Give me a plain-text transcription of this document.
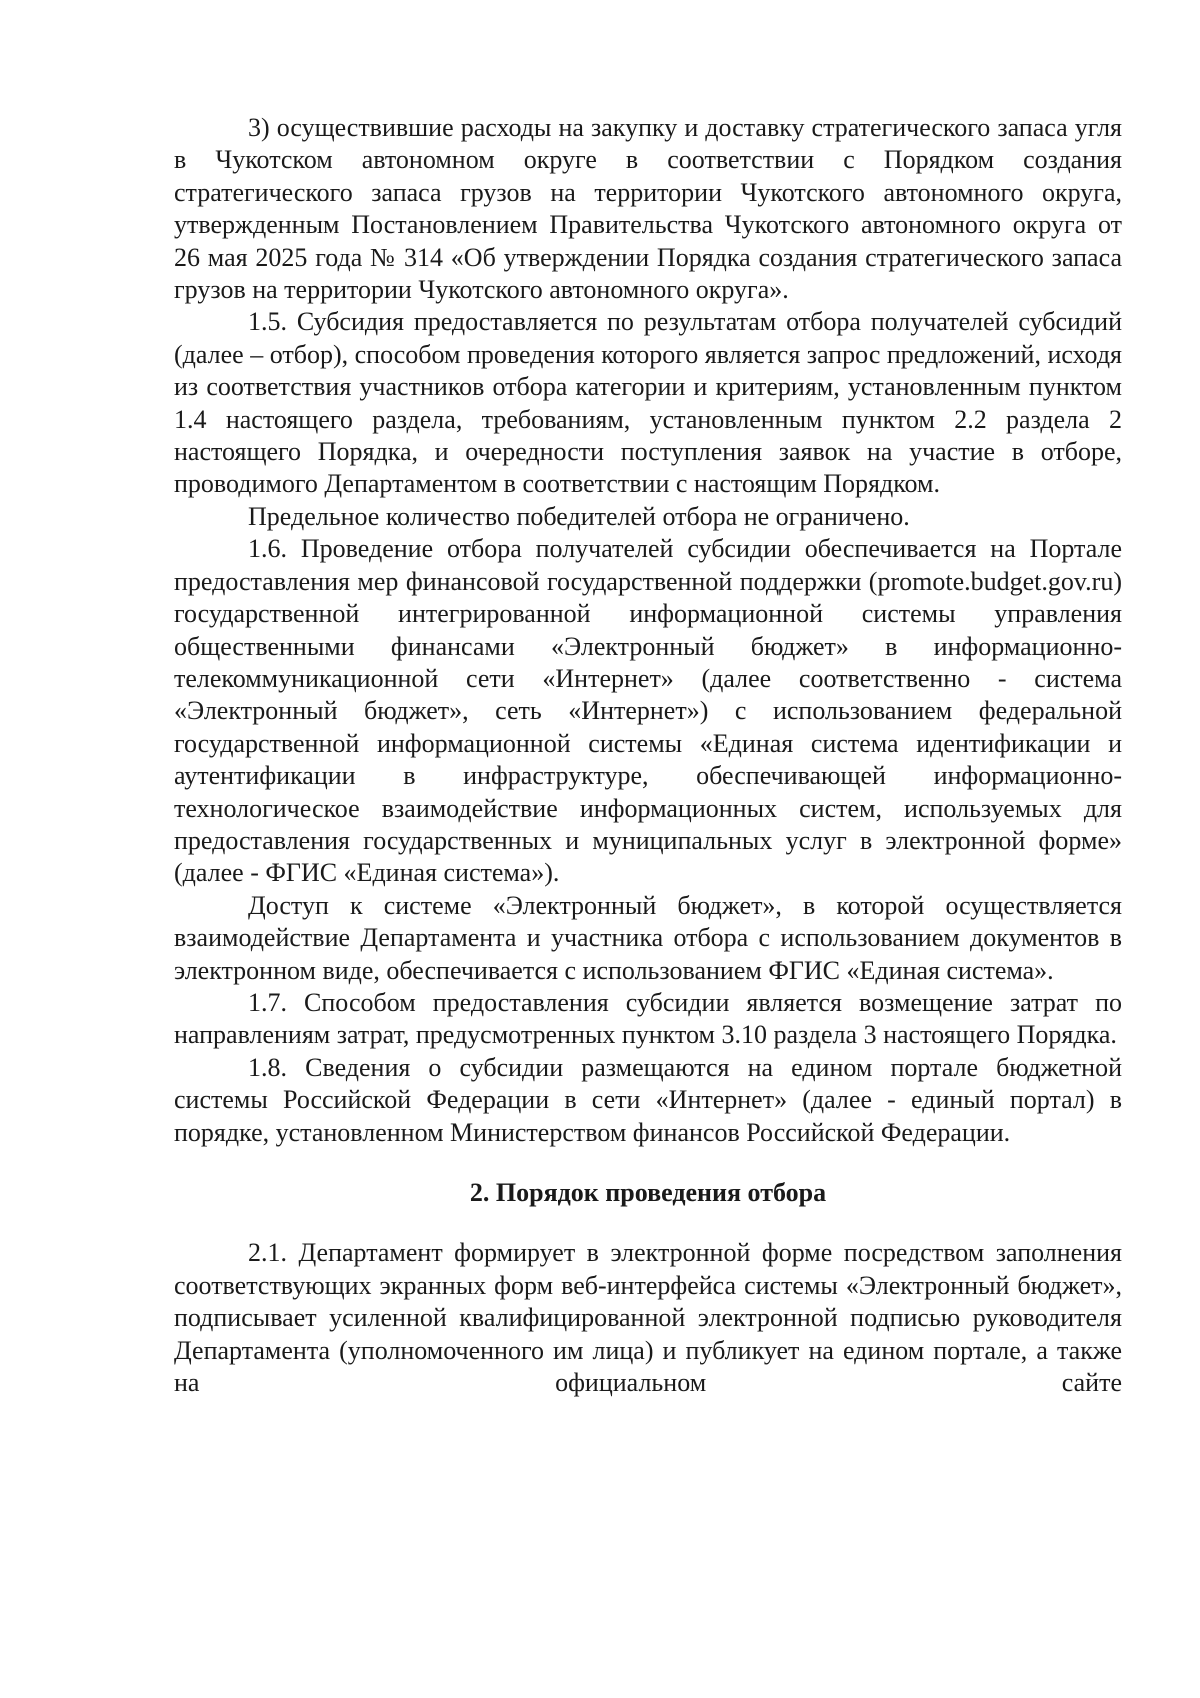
3) осуществившие расходы на закупку и доставку стратегического запаса угля в Чукотском автономном округе в соответствии с Порядком создания стратегического запаса грузов на территории Чукотского автономного округа, утвержденным Постановлением Правительства Чукотского автономного округа от 26 мая 2025 года № 314 «Об утверждении Порядка создания стратегического запаса грузов на территории Чукотского автономного округа».

1.5. Субсидия предоставляется по результатам отбора получателей субсидий (далее – отбор), способом проведения которого является запрос предложений, исходя из соответствия участников отбора категории и критериям, установленным пунктом 1.4 настоящего раздела, требованиям, установленным пунктом 2.2 раздела 2 настоящего Порядка, и очередности поступления заявок на участие в отборе, проводимого Департаментом в соответствии с настоящим Порядком.

Предельное количество победителей отбора не ограничено.

1.6. Проведение отбора получателей субсидии обеспечивается на Портале предоставления мер финансовой государственной поддержки (promote.budget.gov.ru) государственной интегрированной информационной системы управления общественными финансами «Электронный бюджет» в информационно-телекоммуникационной сети «Интернет» (далее соответственно - система «Электронный бюджет», сеть «Интернет») с использованием федеральной государственной информационной системы «Единая система идентификации и аутентификации в инфраструктуре, обеспечивающей информационно-технологическое взаимодействие информационных систем, используемых для предоставления государственных и муниципальных услуг в электронной форме» (далее - ФГИС «Единая система»).

Доступ к системе «Электронный бюджет», в которой осуществляется взаимодействие Департамента и участника отбора с использованием документов в электронном виде, обеспечивается с использованием ФГИС «Единая система».

1.7. Способом предоставления субсидии является возмещение затрат по направлениям затрат, предусмотренных пунктом 3.10 раздела 3 настоящего Порядка.

1.8. Сведения о субсидии размещаются на едином портале бюджетной системы Российской Федерации в сети «Интернет» (далее - единый портал) в порядке, установленном Министерством финансов Российской Федерации.

2. Порядок проведения отбора

2.1. Департамент формирует в электронной форме посредством заполнения соответствующих экранных форм веб-интерфейса системы «Электронный бюджет», подписывает усиленной квалифицированной электронной подписью руководителя Департамента (уполномоченного им лица) и публикует на едином портале, а также на официальном сайте
